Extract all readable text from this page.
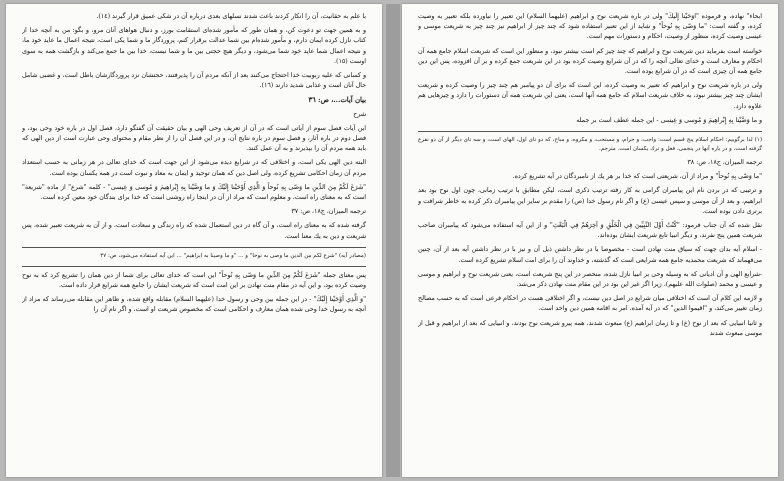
ابحاء" نهاده، و فرموده "اوَحَيْنا إِلَيكَ" ولى در باره شريعت نوح و ابراهيم (عليهما السلام) اين تعبير را نياورده بلكه تعبير به وصيت كرده، و گفته است: "ما وَصّى بِهِ نُوحاً" و شايد از اين تعبير استفاده شود كه چند چيز از ابراهيم نيز چند چيز به شريعت موسى و عيسى وصيت كرده، منظور از وصيت، احكام و دستورات مهم است.

خواسته است بفرمايد دين شريعت نوح و ابراهيم كه چند چيز كم است بيشتر نبود، و منظور اين است كه شريعت اسلام جامع همه آن احكام و معارف است و خداى تعالى آنچه را كه در آن شرايع وصيت كرده بود در اين شريعت جمع كرده و بر آن افزوده، پس اين دين جامع همه آن چيزى است كه در آن شرايع بوده است.

ولى در باره شريعت نوح و ابراهيم كه تعبير به وصيت كرده، اين است كه براى آن دو پيامبر هم چند چيز را وصيت كرده و شريعت ايشان چند چيز بيشتر نبود، به خلاف شريعت اسلام كه جامع همه آنها است، يعنى اين شريعت همه آن دستورات را دارد و چيزهايى هم علاوه دارد.

و ما وَصَّيْنا بِهِ إِبْراهِيمَ وَ مُوسى وَ عِيسى - اين جمله عطف است بر جمله

(١) لذا برگوييم: احكام اسلام پنج قسم است: واجب، و حرام، و مستحب، و مكروه، و مباح، كه دو تاى اول، الهاى است، و سه تاى ديگر از آن دو تفرع گرفته است، و در باره آنها در پنجمى، فعل و ترك يكسان است. مترجم.

ترجمه الميزان، ج١٨، ص: ٣٨

"ما وَصّى بِهِ نُوحاً" و مراد از آن، شريعتى است كه خدا بر هر يك از نامبردگان در آيه تشريع كرده.

و ترتيبى كه در بردن نام اين پيامبران گرامى به كار رفته ترتيب ذكرى است، ليكن مطابق با ترتيب زمانى، چون اول نوح بود بعد ابراهيم، و بعد از آن موسى و سپس عيسى (ع) و اگر نام رسول خدا (ص) را مقدم بر ساير اين پيامبران ذكر كرده به خاطر شرافت و برترى دادن بوده است.

نقل شده كه آن جناب فرمود: "كُنْتُ أَوَّلَ النَّبِيِّينَ فِي الْخَلْقِ وَ آخِرَهُمْ فِي الْبَعْثِ" و از اين آيه استفاده مى‌شود كه پيامبران صاحب شريعت همين پنج نفرند، و ديگر انبيا تابع شريعت ايشان بوده‌اند.

- اسلام آيه بدان جهت كه سياق منت نهادن است - مخصوصا با در نظر داشتن ذيل آن و نيز با در نظر داشتن آيه بعد از آن، چنين مى‌فهماند كه شريعت محمديه جامع همه شرايعى است كه گذشته، و خداوند آن را براى امت اسلام تشريع كرده است.

-شرايع الهى و آن اديانى كه به وسيله وحى بر انبيا نازل شده، منحصر در اين پنج شريعت است، يعنى شريعت نوح و ابراهيم و موسى و عيسى و محمد (صلوات الله عليهم)، زيرا اگر غير اين بود در اين مقام منت نهادن ذكر مى‌شد.

و لازمه اين كلام آن است كه اختلافى ميان شرايع در اصل دين نيست، و اگر اختلافى هست در احكام فرعى است كه به حسب مصالح زمان تغيير مى‌كند، و "اقيموا الدين" كه در آيه آمده، امر به اقامه همين دين واحد است.

و ثانيا انبيايى كه بعد از نوح (ع) و تا زمان ابراهيم (ع) مبعوث شدند، همه پيرو شريعت نوح بودند، و انبيايى كه بعد از ابراهيم و قبل از موسى مبعوث شدند

با علم به حقانيت، آن را انكار كردند باعث شدند نسلهاى بعدى درباره آن در شكى عميق قرار گيرند (١٤).

و به همين جهت تو دعوت كن، و همان طور كه مأمور شده‌اى استقامت بورز، و دنبال هواهاى آنان مرو، و بگو: من به آنچه خدا از كتاب نازل كرده ايمان دارم، و مأمور شده‌ام بين شما عدالت برقرار كنم، پروردگار ما و شما يكى است، نتيجه اعمال ما عايد خود ما، و نتيجه اعمال شما عايد خود شما مى‌شود، و ديگر هيچ حجتى بين ما و شما نيست، خدا بين ما جمع مى‌كند و بازگشت همه به سوى اوست (١٥).

و كسانى كه عليه ربوبيت خدا احتجاج مى‌كنند بعد از آنكه مردم آن را پذيرفتند، حجتشان نزد پروردگارشان باطل است، و غضبى شامل حال آنان است و عذابى شديد دارند (١٦).

بيان آيات...، ص: ٣٦

شرح

اين آيات فصل سوم از آياتى است كه در آن از تعريف وحى الهى و بيان حقيقت آن گفتگو دارد، فصل اول در باره خود وحى بود، و فصل دوم در باره آثار، و فصل سوم در باره نتايج آن، و در اين فصل آن را از نظر مقام و محتواى وحى عبارت است از دين الهى كه بايد همه مردم آن را بپذيرند و به آن عمل كنند.

البته دين الهى يكى است، و اختلافى كه در شرايع ديده مى‌شود از اين جهت است كه خداى تعالى در هر زمانى به حسب استعداد مردم آن زمان احكامى تشريع كرده، ولى اصل دين كه همان توحيد و ايمان به معاد و نبوت است در همه يكسان بوده است.

"شَرَعَ لَكُمْ مِنَ الدِّينِ ما وَصّى بِهِ نُوحاً وَ الَّذِي أَوْحَيْنا إِلَيْكَ وَ ما وَصَّيْنا بِهِ إِبْراهِيمَ وَ مُوسى وَ عِيسى" - كلمه "شرع" از ماده "شريعة" است كه به معناى راه است، و معلوم است كه مراد از آن در اينجا راه روشنى است كه خدا براى بندگان خود معين كرده است.

ترجمه الميزان، ج١٨، ص: ٣٧

گرفته شده كه به معناى راه است، و آن گاه در دين استعمال شده كه راه زندگى و سعادت است، و از آن به شريعت تعبير شده، پس شريعت و دين به يك معنا است.

(مصادر آيه) "شرع لكم من الدين ما وصى به نوحا" و ... "و ما وصينا به ابراهيم" ... اين آيه استفاده مى‌شود، ص: ٣٧

پس معناى جمله "شَرَعَ لَكُمْ مِنَ الدِّينِ ما وَصّى بِهِ نُوحاً" اين است كه خداى تعالى براى شما از دين همان را تشريع كرد كه به نوح وصيت كرده بود، و اين آيه در مقام منت نهادن بر اين امت است كه شريعت ايشان را جامع همه شرايع قرار داده است.

"وَ الَّذِي أَوْحَيْنا إِلَيْكَ" - در اين جمله بين وحى و رسول خدا (عليهما السلام) مقابله واقع شده، و ظاهر اين مقابله مى‌رساند كه مراد از آنچه به رسول خدا وحى شده همان معارف و احكامى است كه مخصوص شريعت او است، و اگر نام آن را
